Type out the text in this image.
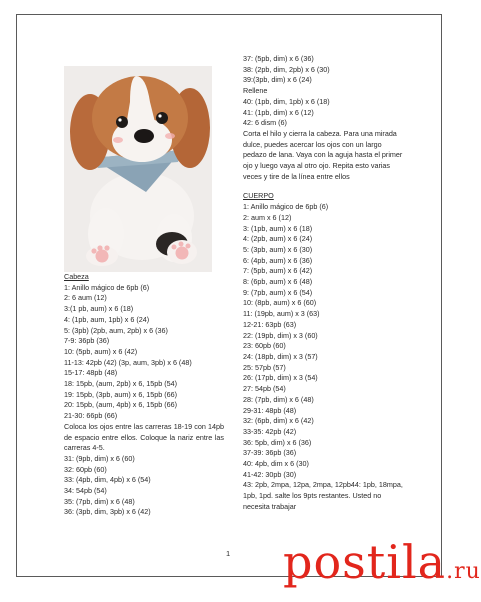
Cabeza
1: Anillo mágico de 6pb (6)
2: 6 aum (12)
3:(1 pb, aum) x 6 (18)
4: (1pb, aum, 1pb) x 6 (24)
5: (3pb) (2pb, aum, 2pb) x 6 (36)
7-9: 36pb (36)
10: (5pb, aum) x 6 (42)
11-13: 42pb (42) (3p, aum, 3pb) x 6 (48)
15-17: 48pb (48)
18: 15pb, (aum, 2pb) x 6, 15pb (54)
19: 15pb, (3pb, aum) x 6, 15pb (66)
20: 15pb, (aum, 4pb) x 6, 15pb (66)
21-30: 66pb (66)
Coloca los ojos entre las carreras 18-19 con 14pb de espacio entre ellos. Coloque la nariz entre las carreras 4-5.
31: (9pb, dim) x 6 (60)
32: 60pb (60)
33: (4pb, dim, 4pb) x 6 (54)
34: 54pb (54)
35: (7pb, dim) x 6 (48)
36: (3pb, dim, 3pb) x 6 (42)
37: (5pb, dim) x 6 (36)
38: (2pb, dim, 2pb) x 6 (30)
39:(3pb, dim) x 6 (24)
Rellene
40: (1pb, dim, 1pb) x 6 (18)
41: (1pb, dim) x 6 (12)
42: 6 dism (6)
Corta el hilo y cierra la cabeza. Para una mirada dulce, puedes acercar los ojos con un largo pedazo de lana. Vaya con la aguja hasta el primer ojo y luego vaya al otro ojo. Repita esto varias veces y tire de la línea entre ellos
CUERPO
1: Anillo mágico de 6pb (6)
2: aum x 6 (12)
3: (1pb, aum) x 6 (18)
4: (2pb, aum) x 6 (24)
5: (3pb, aum) x 6 (30)
6: (4pb, aum) x 6 (36)
7: (5pb, aum) x 6 (42)
8: (6pb, aum) x 6 (48)
9: (7pb, aum) x 6 (54)
10: (8pb, aum) x 6 (60)
11: (19pb, aum) x 3 (63)
12-21: 63pb (63)
22: (19pb, dim) x 3 (60)
23: 60pb (60)
24: (18pb, dim) x 3 (57)
25: 57pb (57)
26: (17pb, dim) x 3 (54)
27: 54pb (54)
28: (7pb, dim) x 6 (48)
29-31: 48pb (48)
32: (6pb, dim) x 6 (42)
33-35: 42pb (42)
36: 5pb, dim) x 6 (36)
37-39: 36pb (36)
40: 4pb, dim x 6 (30)
41-42: 30pb (30)
43: 2pb, 2mpa, 12pa, 2mpa, 12pb44: 1pb, 18mpa, 1pb, 1pd. salte los 9pts restantes. Usted no necesita trabajar
1 postila.ru
